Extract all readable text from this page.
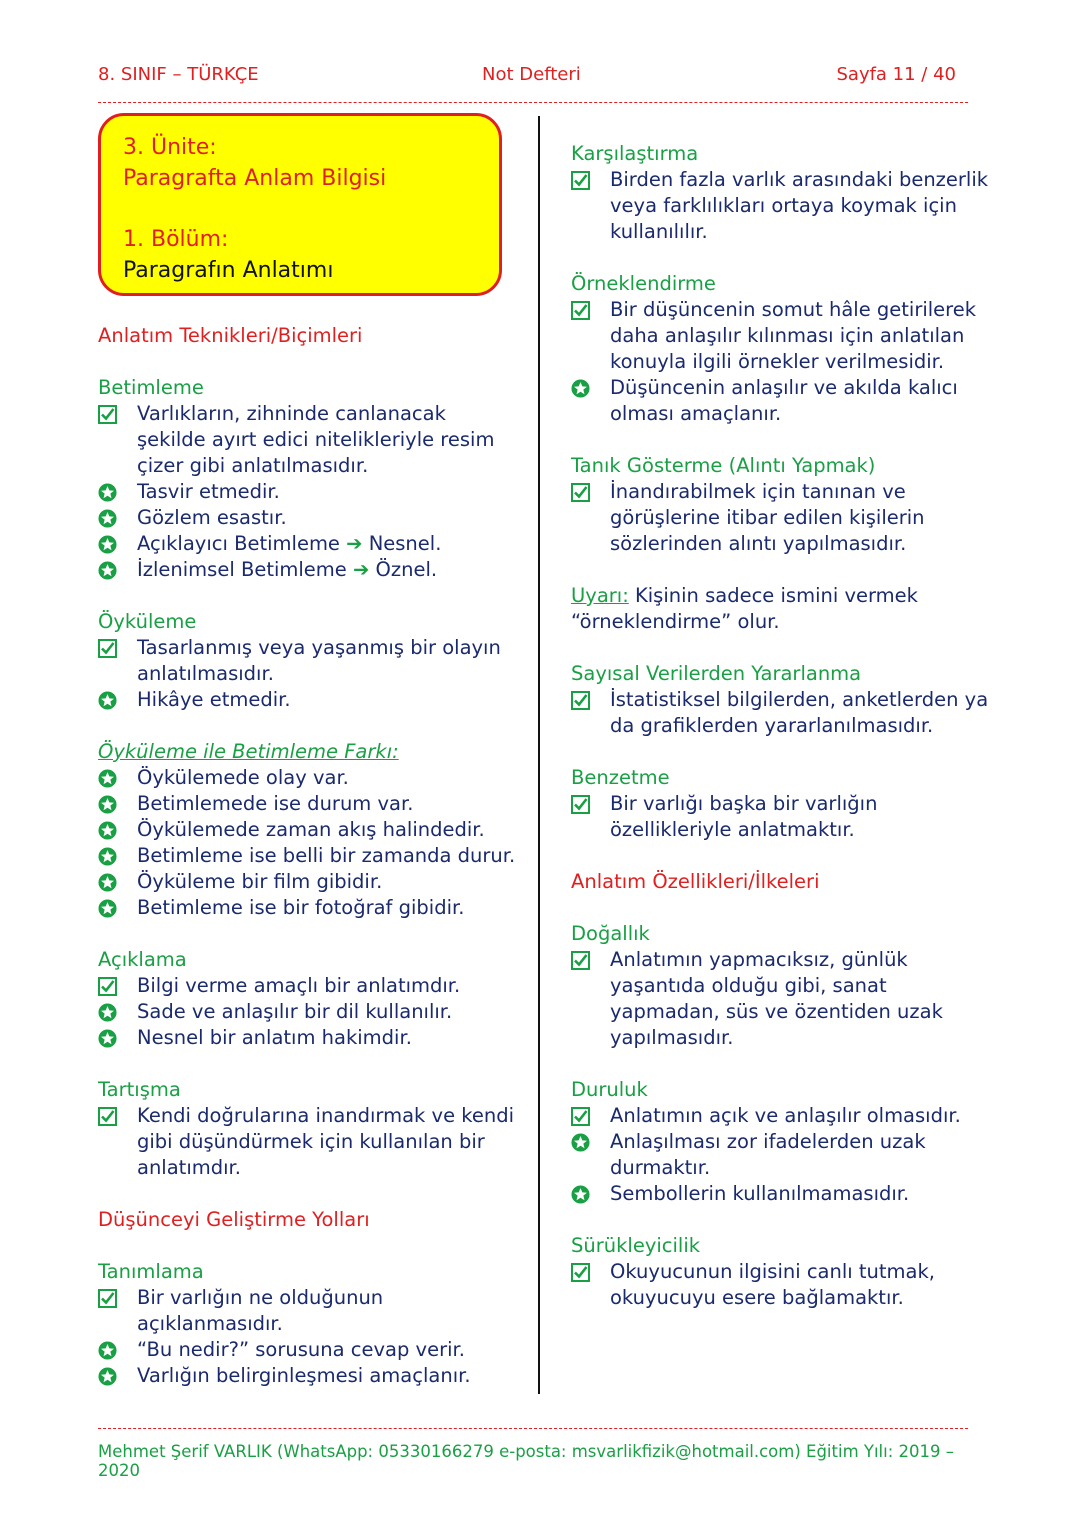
8. SINIF – TÜRKÇE	Not Defteri	Sayfa 11 / 40
3. Ünite:
Paragrafta Anlam Bilgisi
1. Bölüm:
Paragrafın Anlatımı

Anlatım Teknikleri/Biçimleri

Betimleme

Varlıkların, zihninde canlanacak şekilde ayırt edici nitelikleriyle resim çizer gibi anlatılmasıdır.

Tasvir etmedir.

Gözlem esastır.

Açıklayıcı Betimleme ➔ Nesnel.

İzlenimsel Betimleme ➔ Öznel.

Öyküleme

Tasarlanmış veya yaşanmış bir olayın anlatılmasıdır.

Hikâye etmedir.

Öyküleme ile Betimleme Farkı:

Öykülemede olay var.

Betimlemede ise durum var.

Öykülemede zaman akış halindedir.

Betimleme ise belli bir zamanda durur.

Öyküleme bir film gibidir.

Betimleme ise bir fotoğraf gibidir.

Açıklama

Bilgi verme amaçlı bir anlatımdır.

Sade ve anlaşılır bir dil kullanılır.

Nesnel bir anlatım hakimdir.

Tartışma

Kendi doğrularına inandırmak ve kendi gibi düşündürmek için kullanılan bir anlatımdır.

Düşünceyi Geliştirme Yolları

Tanımlama

Bir varlığın ne olduğunun açıklanmasıdır.

“Bu nedir?” sorusuna cevap verir.

Varlığın belirginleşmesi amaçlanır.

Karşılaştırma

Birden fazla varlık arasındaki benzerlik veya farklılıkları ortaya koymak için kullanılılır.

Örneklendirme

Bir düşüncenin somut hâle getirilerek daha anlaşılır kılınması için anlatılan konuyla ilgili örnekler verilmesidir.

Düşüncenin anlaşılır ve akılda kalıcı olması amaçlanır.

Tanık Gösterme (Alıntı Yapmak)

İnandırabilmek için tanınan ve görüşlerine itibar edilen kişilerin sözlerinden alıntı yapılmasıdır.

Uyarı: Kişinin sadece ismini vermek “örneklendirme” olur.

Sayısal Verilerden Yararlanma

İstatistiksel bilgilerden, anketlerden ya da grafiklerden yararlanılmasıdır.

Benzetme

Bir varlığı başka bir varlığın özellikleriyle anlatmaktır.

Anlatım Özellikleri/İlkeleri

Doğallık

Anlatımın yapmacıksız, günlük yaşantıda olduğu gibi, sanat yapmadan, süs ve özentiden uzak yapılmasıdır.

Duruluk

Anlatımın açık ve anlaşılır olmasıdır.

Anlaşılması zor ifadelerden uzak durmaktır.

Sembollerin kullanılmamasıdır.

Sürükleyicilik

Okuyucunun ilgisini canlı tutmak, okuyucuyu esere bağlamaktır.

Mehmet Şerif VARLIK (WhatsApp: 05330166279 e-posta: msvarlikfizik@hotmail.com) Eğitim Yılı: 2019 – 2020
